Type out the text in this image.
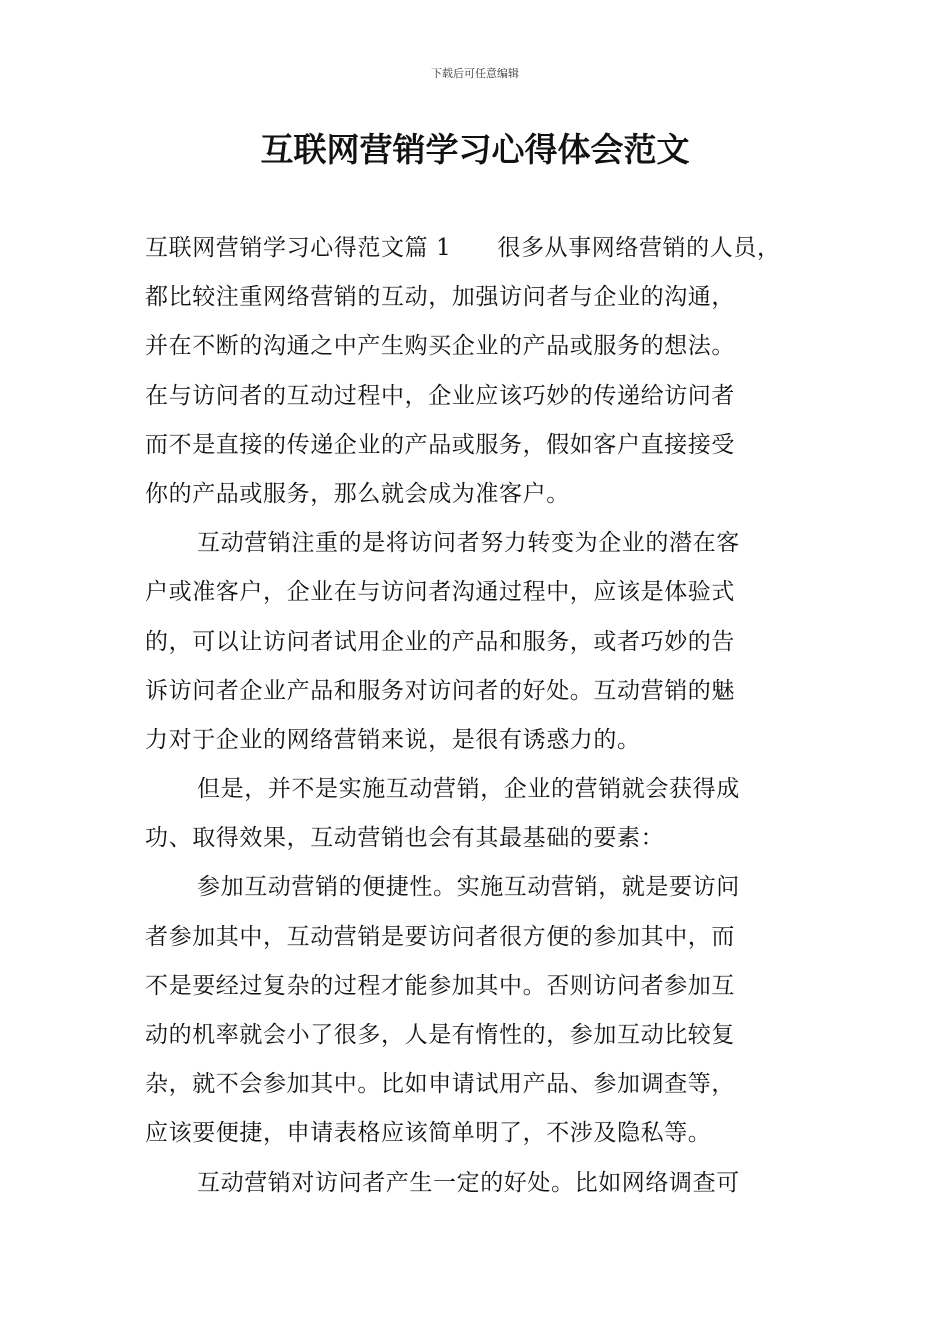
下载后可任意编辑
互联网营销学习心得体会范文
互联网营销学习心得范文篇 1 很多从事网络营销的人员，
都比较注重网络营销的互动，加强访问者与企业的沟通，
并在不断的沟通之中产生购买企业的产品或服务的想法。
在与访问者的互动过程中，企业应该巧妙的传递给访问者
而不是直接的传递企业的产品或服务，假如客户直接接受
你的产品或服务，那么就会成为准客户。
互动营销注重的是将访问者努力转变为企业的潜在客
户或准客户，企业在与访问者沟通过程中，应该是体验式
的，可以让访问者试用企业的产品和服务，或者巧妙的告
诉访问者企业产品和服务对访问者的好处。互动营销的魅
力对于企业的网络营销来说，是很有诱惑力的。
但是，并不是实施互动营销，企业的营销就会获得成
功、取得效果，互动营销也会有其最基础的要素：
参加互动营销的便捷性。实施互动营销，就是要访问
者参加其中，互动营销是要访问者很方便的参加其中，而
不是要经过复杂的过程才能参加其中。否则访问者参加互
动的机率就会小了很多，人是有惰性的，参加互动比较复
杂，就不会参加其中。比如申请试用产品、参加调查等，
应该要便捷，申请表格应该简单明了，不涉及隐私等。
互动营销对访问者产生一定的好处。比如网络调查可
